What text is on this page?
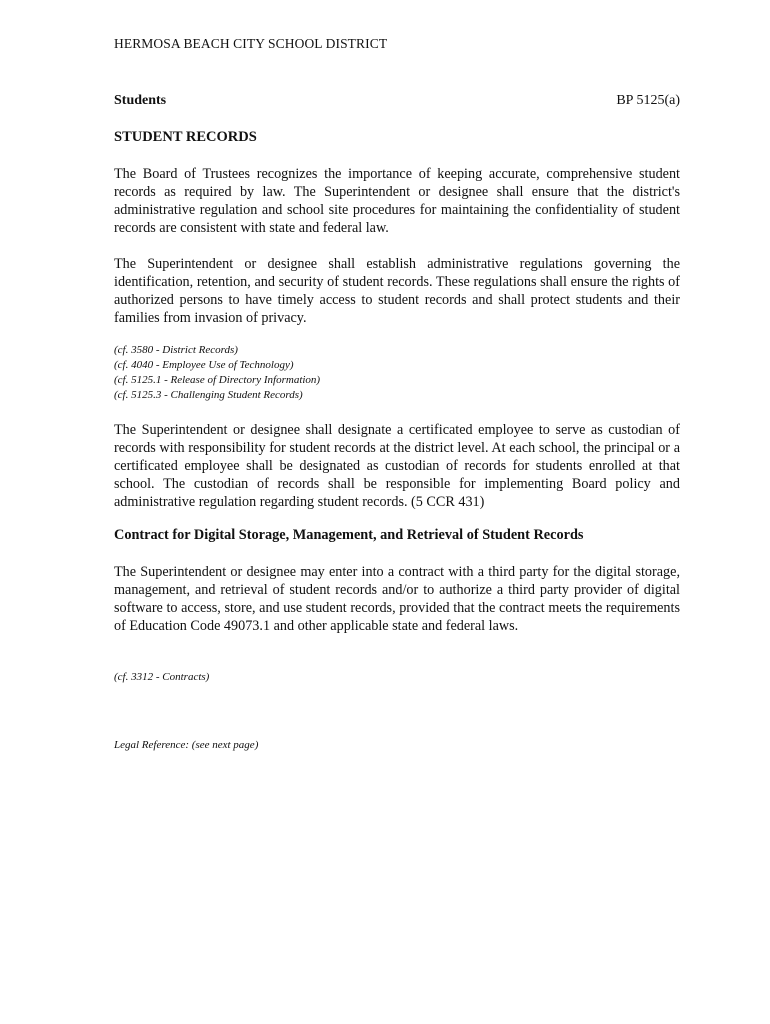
HERMOSA BEACH CITY SCHOOL DISTRICT
Students	BP 5125(a)
STUDENT RECORDS

The Board of Trustees recognizes the importance of keeping accurate, comprehensive student records as required by law. The Superintendent or designee shall ensure that the district's administrative regulation and school site procedures for maintaining the confidentiality of student records are consistent with state and federal law.

The Superintendent or designee shall establish administrative regulations governing the identification, retention, and security of student records. These regulations shall ensure the rights of authorized persons to have timely access to student records and shall protect students and their families from invasion of privacy.

(cf. 3580 - District Records)
(cf. 4040 - Employee Use of Technology)
(cf. 5125.1 - Release of Directory Information)
(cf. 5125.3 - Challenging Student Records)

The Superintendent or designee shall designate a certificated employee to serve as custodian of records with responsibility for student records at the district level. At each school, the principal or a certificated employee shall be designated as custodian of records for students enrolled at that school. The custodian of records shall be responsible for implementing Board policy and administrative regulation regarding student records. (5 CCR 431)

Contract for Digital Storage, Management, and Retrieval of Student Records

The Superintendent or designee may enter into a contract with a third party for the digital storage, management, and retrieval of student records and/or to authorize a third party provider of digital software to access, store, and use student records, provided that the contract meets the requirements of Education Code 49073.1 and other applicable state and federal laws.

(cf. 3312 - Contracts)
Legal Reference: (see next page)
